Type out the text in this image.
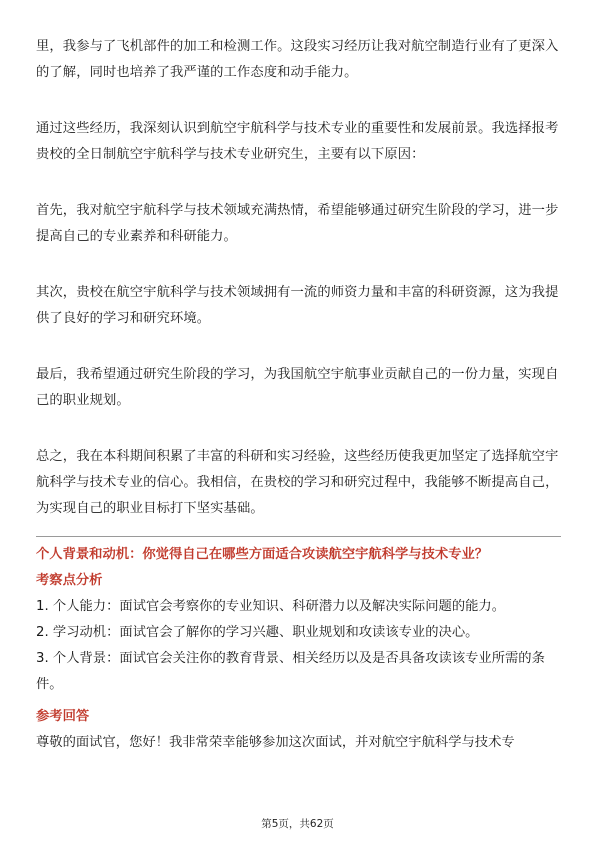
里，我参与了飞机部件的加工和检测工作。这段实习经历让我对航空制造行业有了更深入的了解，同时也培养了我严谨的工作态度和动手能力。

通过这些经历，我深刻认识到航空宇航科学与技术专业的重要性和发展前景。我选择报考贵校的全日制航空宇航科学与技术专业研究生，主要有以下原因：

首先，我对航空宇航科学与技术领域充满热情，希望能够通过研究生阶段的学习，进一步提高自己的专业素养和科研能力。

其次，贵校在航空宇航科学与技术领域拥有一流的师资力量和丰富的科研资源，这为我提供了良好的学习和研究环境。

最后，我希望通过研究生阶段的学习，为我国航空宇航事业贡献自己的一份力量，实现自己的职业规划。

总之，我在本科期间积累了丰富的科研和实习经验，这些经历使我更加坚定了选择航空宇航科学与技术专业的信心。我相信，在贵校的学习和研究过程中，我能够不断提高自己，为实现自己的职业目标打下坚实基础。

个人背景和动机：你觉得自己在哪些方面适合攻读航空宇航科学与技术专业？

考察点分析

1. 个人能力：面试官会考察你的专业知识、科研潜力以及解决实际问题的能力。

2. 学习动机：面试官会了解你的学习兴趣、职业规划和攻读该专业的决心。

3. 个人背景：面试官会关注你的教育背景、相关经历以及是否具备攻读该专业所需的条件。

参考回答

尊敬的面试官，您好！我非常荣幸能够参加这次面试，并对航空宇航科学与技术专

第5页，共62页
